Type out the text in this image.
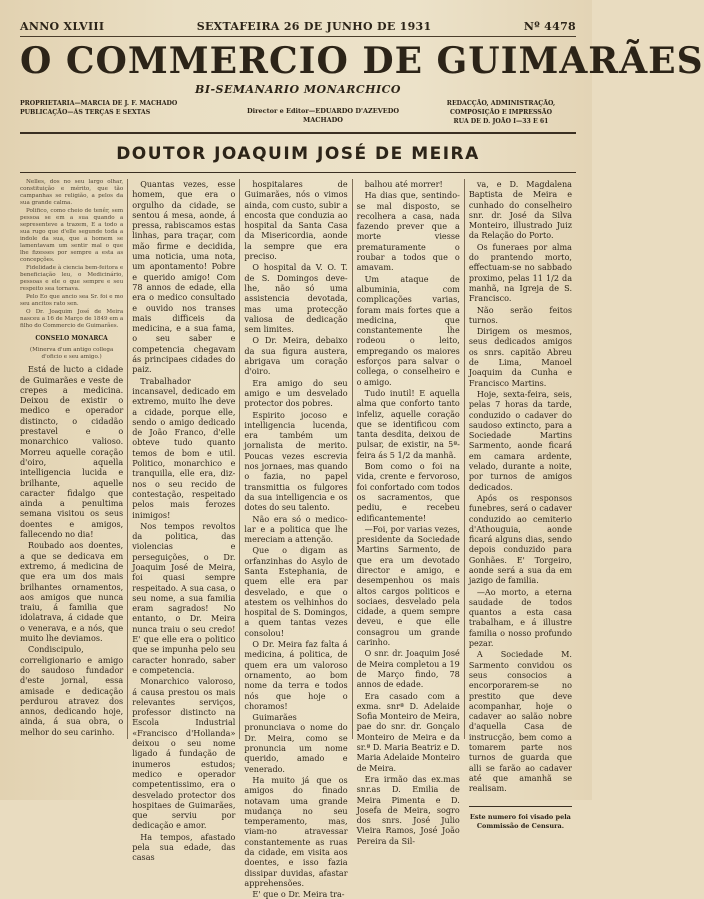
ANNO XLVIII	SEXTAFEIRA 26 DE JUNHO DE 1931	Nº 4478
O COMMERCIO DE GUIMARÃES
BI-SEMANARIO MONARCHICO
PROPRIETARIA—MARCIA DE J. F. MACHADO
PUBLICAÇÃO—ÁS TERÇAS E SEXTAS	Director e Editor—EDUARDO D'AZEVEDO MACHADO
REDACÇÃO, ADMINISTRAÇÃO, COMPOSIÇÃO E IMPRESSÃO
RUA DE D. JOÃO I—33 E 61
DOUTOR JOAQUIM JOSÉ DE MEIRA

Nelles, dos no seu largo olhar, constituição e mérito, que tão campanhas se religião, a pelos da sua grande calma.

Polifico, como cheio de tenêr, sem pessoa se em a sua quando a sepresenteve a trazem, E a todo a sua rugo que d'elle segunde toda a indole da sua, que a homem se lamentavam um sentir mal o que lhe fizesses por sempre a esta as concepções.

Fidelidade à ciencia bem-feitora e beneficiação leu, o Medicinário, pessoas e ele o que sempre e seu respeito sea tornava.

Pelo Eo que ancio sea Sr. foi e mo seu ancitos rato sen.

O Dr. Joaquim José de Meira nasceu a 16 de Março de 1849 em a filho do Commercio de Guimarães.

CONSELO MONARCA
(Minerva d'um antigo collega d'oficio e seu amigo.)

Está de lucto a cidade de Guimarães e veste de crepes a medicina. Deixou de existir o medico e operador distincto, o cidadão prestavel e o monarchico valioso. Morreu aquelle coração d'oiro, aquella intelligencia lucida e brilhante, aquelle caracter fidalgo que ainda a penultima semana visitou os seus doentes e amigos, fallecendo no dia!

Roubado aos doentes, a que se dedicava em extremo, á medicina de que era um dos mais brilhantes ornamentos, aos amigos que nunca traiu, á familia que idolatrava, á cidade que o venerava, e a nós, que muito lhe deviamos.

Condiscipulo, correligionario e amigo do saudoso fundador d'este jornal, essa amisade e dedicação perdurou atravez dos annos, dedicando hoje, ainda, á sua obra, o melhor do seu carinho.

Quantas vezes, esse homem, que era o orgulho da cidade, se sentou á mesa, aonde, á pressa, rabiscamos estas linhas, para traçar, com mão firme e decidida, uma noticia, uma nota, um apontamento! Pobre e querido amigo! Com 78 annos de edade, ella era o medico consultado e ouvido nos transes mais difficeis da medicina, e a sua fama, o seu saber e competencia chegavam ás principaes cidades do paiz.

Trabalhador incansavel, dedicado em extremo, muito lhe deve a cidade, porque elle, sendo o amigo dedicado de João Franco, d'elle obteve tudo quanto temos de bom e util. Politico, monarchico e tranquilla, elle era, diz-nos o seu recido de contestação, respeitado pelos mais ferozes inimigos!

Nos tempos revoltos da politica, das violencias e perseguições, o Dr. Joaquim José de Meira, foi quasi sempre respeitado. A sua casa, o seu nome, a sua familia eram sagrados! No entanto, o Dr. Meira nunca traiu o seu credo! E' que elle era o politico que se impunha pelo seu caracter honrado, saber e competencia.

Monarchico valoroso, á causa prestou os mais relevantes serviços, professor distincto na Escola Industrial «Francisco d'Hollanda» deixou o seu nome ligado á fundação de inumeros estudos; medico e operador competentissimo, era o desvelado protector dos hospitaes de Guimarães, que serviu por dedicação e amor.

Ha tempos, afastado pela sua edade, das casas

hospitalares de Guimarães, nós o vimos ainda, com custo, subir a encosta que conduzia ao hospital da Santa Casa da Misericordia, aonde la sempre que era preciso.

O hospital da V. O. T. de S. Domingos deve-lhe, não só uma assistencia devotada, mas uma protecção valiosa de dedicação sem limites.

O Dr. Meira, debaixo da sua figura austera, abrigava um coração d'oiro.

Era amigo do seu amigo e um desvelado protector dos pobres.

Espirito jocoso e intelligencia lucenda, era também um jornalista de merito. Poucas vezes escrevia nos jornaes, mas quando o fazia, no papel transmittia os fulgores da sua intelligencia e os dotes do seu talento.

Não era só o medico-lar e a politica que lhe mereciam a attenção.

Que o digam as orfanzinhas do Asylo de Santa Estephania, de quem elle era par desvelado, e que o atestem os velhinhos do hospital de S. Domingos, a quem tantas vezes consolou!

O Dr. Meira faz falta á medicina, á politica, de quem era um valoroso ornamento, ao bom nome da terra e todos nós que hoje o choramos!

Guimarães pronunciava o nome do Dr. Meira, como se pronuncia um nome querido, amado e venerado.

Ha muito já que os amigos do finado notavam uma grande mudança no seu temperamento, mas, viam-no atravessar constantemente as ruas da cidade, em visita aos doentes, e isso fazia dissipar duvidas, afastar apprehensões.

E' que o Dr. Meira tra-

balhou até morrer!

Ha dias que, sentindo-se mal disposto, se recolhera a casa, nada fazendo prever que a morte viesse prematuramente o roubar a todos que o amavam.

Um ataque de albuminia, com complicações varias, foram mais fortes que a medicina, que constantemente lhe rodeou o leito, empregando os maiores esforços para salvar o collega, o conselheiro e o amigo.

Tudo inutil! E aquella alma que conforto tanto infeliz, aquelle coração que se identificou com tanta desdita, deixou de pulsar, de existir, na 5ª-feira ás 5 1/2 da manhã.

Bom como o foi na vida, crente e fervoroso, foi confortado com todos os sacramentos, que pediu, e recebeu edificantemente!

—Foi, por varias vezes, presidente da Sociedade Martins Sarmento, de que era um devotado director e amigo, e desempenhou os mais altos cargos politicos e sociaes, desvelado pela cidade, a quem sempre deveu, e que elle consagrou um grande carinho.

O snr. dr. Joaquim José de Meira completou a 19 de Março findo, 78 annos de edade.

Era casado com a exma. snrª D. Adelaide Sofia Monteiro de Meira, pae do snr. dr. Gonçalo Monteiro de Meira e da sr.ª D. Maria Beatriz e D. Maria Adelaide Monteiro de Meira.

Era irmão das ex.mas snr.as D. Emilia de Meira Pimenta e D. Josefa de Meira, sogro dos snrs. José Julio Vieira Ramos, José João Pereira da Sil-

va, e D. Magdalena Baptista de Meira e cunhado do conselheiro snr. dr. José da Silva Monteiro, illustrado Juiz da Relação do Porto.

Os funeraes por alma do prantendo morto, effectuam-se no sabbado proximo, pelas 11 1/2 da manhã, na Igreja de S. Francisco.

Não serão feitos turnos.

Dirigem os mesmos, seus dedicados amigos os snrs. capitão Abreu de Lima, Manoel Joaquim da Cunha e Francisco Martins.

Hoje, sexta-feira, seis, pelas 7 horas da tarde, conduzido o cadaver do saudoso extincto, para a Sociedade Martins Sarmento, aonde ficará em camara ardente, velado, durante a noite, por turnos de amigos dedicados.

Após os responsos funebres, será o cadaver conduzido ao cemiterio d'Athouguia, aonde ficará alguns dias, sendo depois conduzido para Gonhães. E' Torgeiro, aonde será a sua da em jazigo de familia.

—Ao morto, a eterna saudade de todos quantos a esta casa trabalham, e á illustre familia o nosso profundo pezar.

A Sociedade M. Sarmento convidou os seus consocios a encorporarem-se no prestito que deve acompanhar, hoje o cadaver ao salão nobre d'aquella Casa de instrucção, bem como a tomarem parte nos turnos de guarda que alli se farão ao cadaver até que amanhã se realisam.

Este numero foi visado pela Commissão de Censura.
